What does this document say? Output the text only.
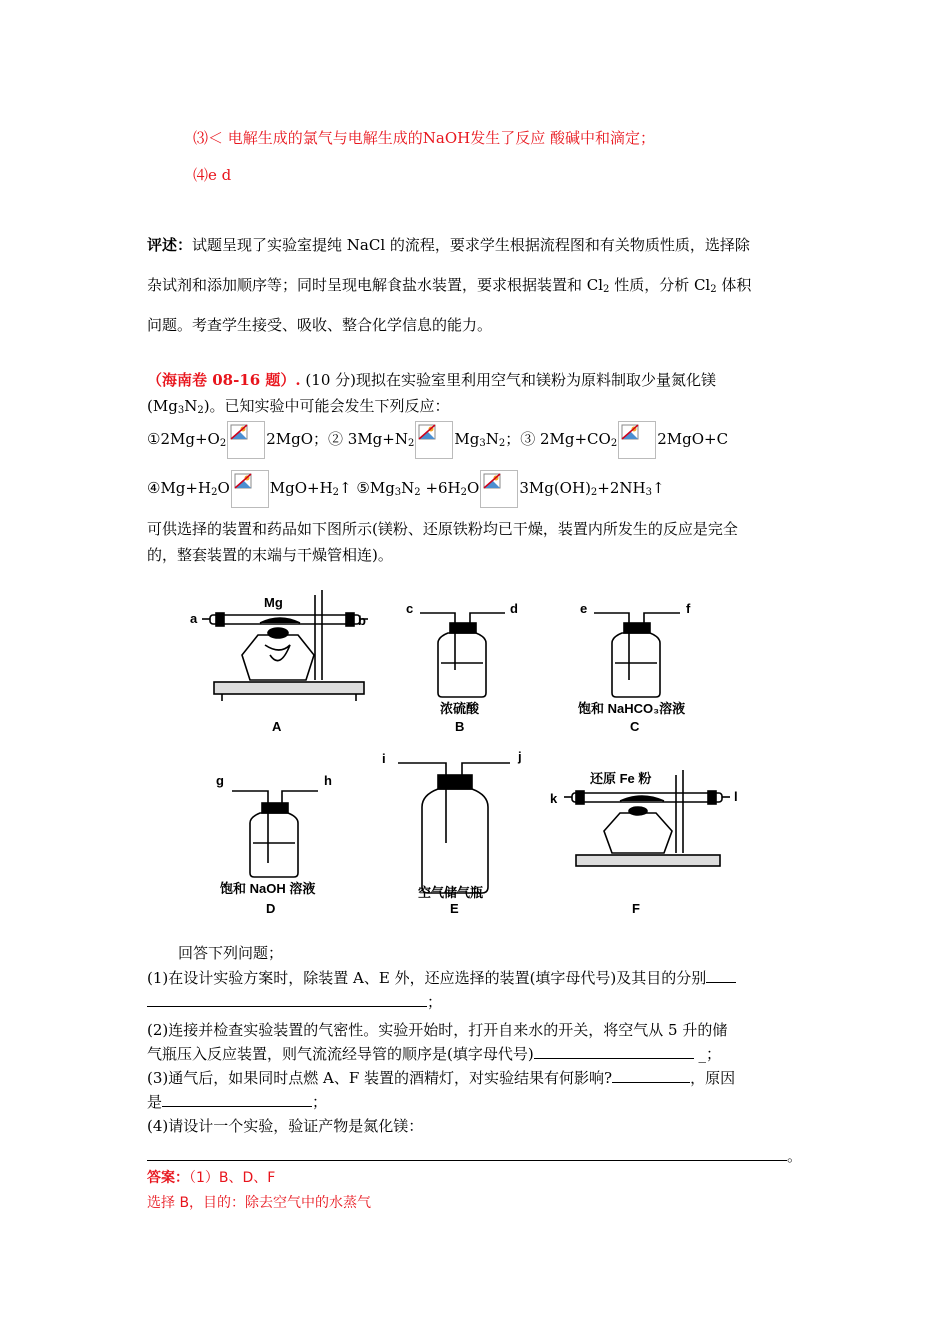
⑶＜ 电解生成的氯气与电解生成的NaOH发生了反应 酸碱中和滴定；
⑷e d
评述：试题呈现了实验室提纯 NaCl 的流程，要求学生根据流程图和有关物质性质，选择除
杂试剂和添加顺序等；同时呈现电解食盐水装置，要求根据装置和 $Cl_2$ 性质，分析 $Cl_2$ 体积
问题。考查学生接受、吸收、整合化学信息的能力。
（海南卷 08-16 题）. (10 分)现拟在实验室里利用空气和镁粉为原料制取少量氮化镁
$(Mg_3N_2)$。已知实验中可能会发生下列反应：
$①2Mg+O_2$	2MgO；② $3Mg+N_2$	$Mg_3N_2$；③ $2Mg+CO_2$	2MgO+C
$④Mg+H_2O$	$MgO+H_2↑$ $⑤Mg_3N_2 +6H_2O$	$3Mg(OH)_2+2NH_3↑$
可供选择的装置和药品如下图所示(镁粉、还原铁粉均已干燥，装置内所发生的反应是完全
的，整套装置的末端与干燥管相连)。
a	b
Mg
A
c	d
浓硫酸
B
e	f
饱和 NaHCO₃溶液
C
g	h
饱和 NaOH 溶液
D
i	j
空气储气瓶
E
k	l
还原 Fe 粉
F
回答下列问题；
(1)在设计实验方案时，除装置 A、E 外，还应选择的装置(填字母代号)及其目的分别
；
(2)连接并检查实验装置的气密性。实验开始时，打开自来水的开关，将空气从 5 升的储
气瓶压入反应装置，则气流流经导管的顺序是(填字母代号)	_；
(3)通气后，如果同时点燃 A、F 装置的酒精灯，对实验结果有何影响?	，原因
是	；
(4)请设计一个实验，验证产物是氮化镁：
。
答案：（1）B、D、F
选择 B，目的：除去空气中的水蒸气
